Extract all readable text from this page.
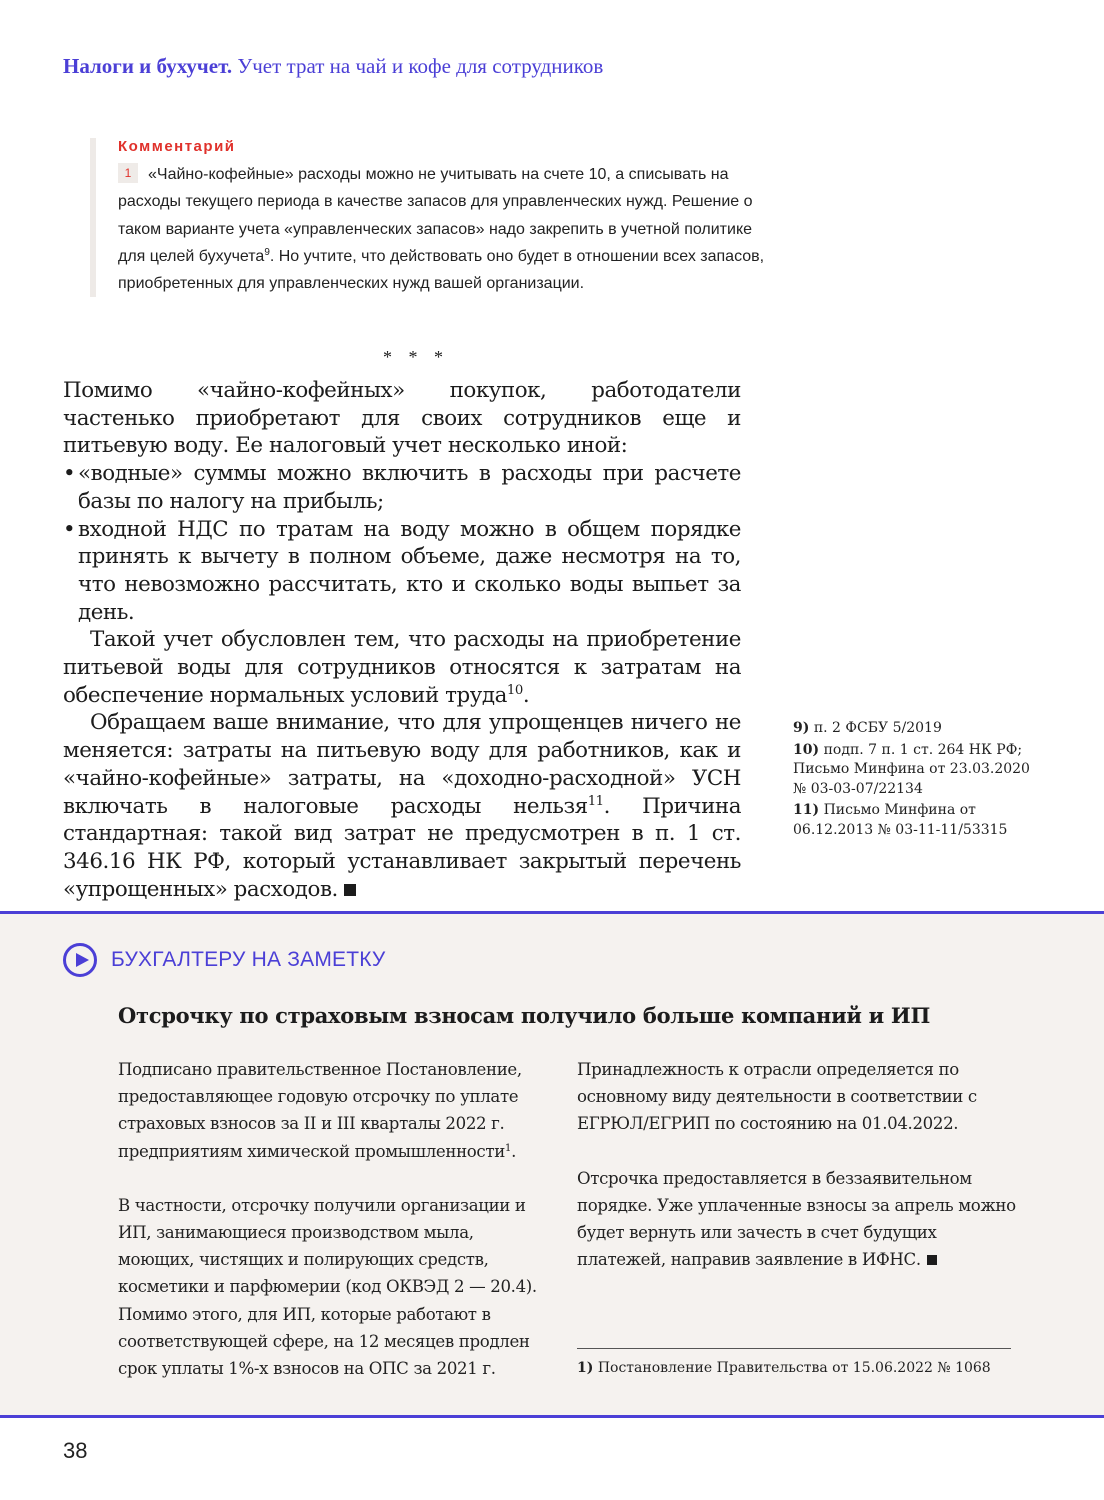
Налоги и бухучет. Учет трат на чай и кофе для сотрудников
Комментарий
1 «Чайно-кофейные» расходы можно не учитывать на счете 10, а списывать на расходы текущего периода в качестве запасов для управленческих нужд. Решение о таком варианте учета «управленческих запасов» надо закрепить в учетной политике для целей бухучета$^9$. Но учтите, что действовать оно будет в отношении всех запасов, приобретенных для управленческих нужд вашей организации.
* * *

Помимо «чайно-кофейных» покупок, работодатели частенько приобретают для своих сотрудников еще и питьевую воду. Ее налоговый учет несколько иной:

• «водные» суммы можно включить в расходы при расчете базы по налогу на прибыль;
• входной НДС по тратам на воду можно в общем порядке принять к вычету в полном объеме, даже несмотря на то, что невозможно рассчитать, кто и сколько воды выпьет за день.

Такой учет обусловлен тем, что расходы на приобретение питьевой воды для сотрудников относятся к затратам на обеспечение нормальных условий труда$^{10}$.

Обращаем ваше внимание, что для упрощенцев ничего не меняется: затраты на питьевую воду для работников, как и «чайно-кофейные» затраты, на «доходно-расходной» УСН включать в налоговые расходы нельзя$^{11}$. Причина стандартная: такой вид затрат не предусмотрен в п. 1 ст. 346.16 НК РФ, который устанавливает закрытый перечень «упрощенных» расходов.

9) п. 2 ФСБУ 5/2019
10) подп. 7 п. 1 ст. 264 НК РФ; Письмо Минфина от 23.03.2020 № 03-03-07/22134
11) Письмо Минфина от 06.12.2013 № 03-11-11/53315
БУХГАЛТЕРУ НА ЗАМЕТКУ
Отсрочку по страховым взносам получило больше компаний и ИП

Подписано правительственное Постановление, предоставляющее годовую отсрочку по уплате страховых взносов за II и III кварталы 2022 г. предприятиям химической промышленности$^1$.

В частности, отсрочку получили организации и ИП, занимающиеся производством мыла, моющих, чистящих и полирующих средств, косметики и парфюмерии (код ОКВЭД 2 — 20.4). Помимо этого, для ИП, которые работают в соответствующей сфере, на 12 месяцев продлен срок уплаты 1%-х взносов на ОПС за 2021 г.

Принадлежность к отрасли определяется по основному виду деятельности в соответствии с ЕГРЮЛ/ЕГРИП по состоянию на 01.04.2022.

Отсрочка предоставляется в беззаявительном порядке. Уже уплаченные взносы за апрель можно будет вернуть или зачесть в счет будущих платежей, направив заявление в ИФНС.

1) Постановление Правительства от 15.06.2022 № 1068
38
